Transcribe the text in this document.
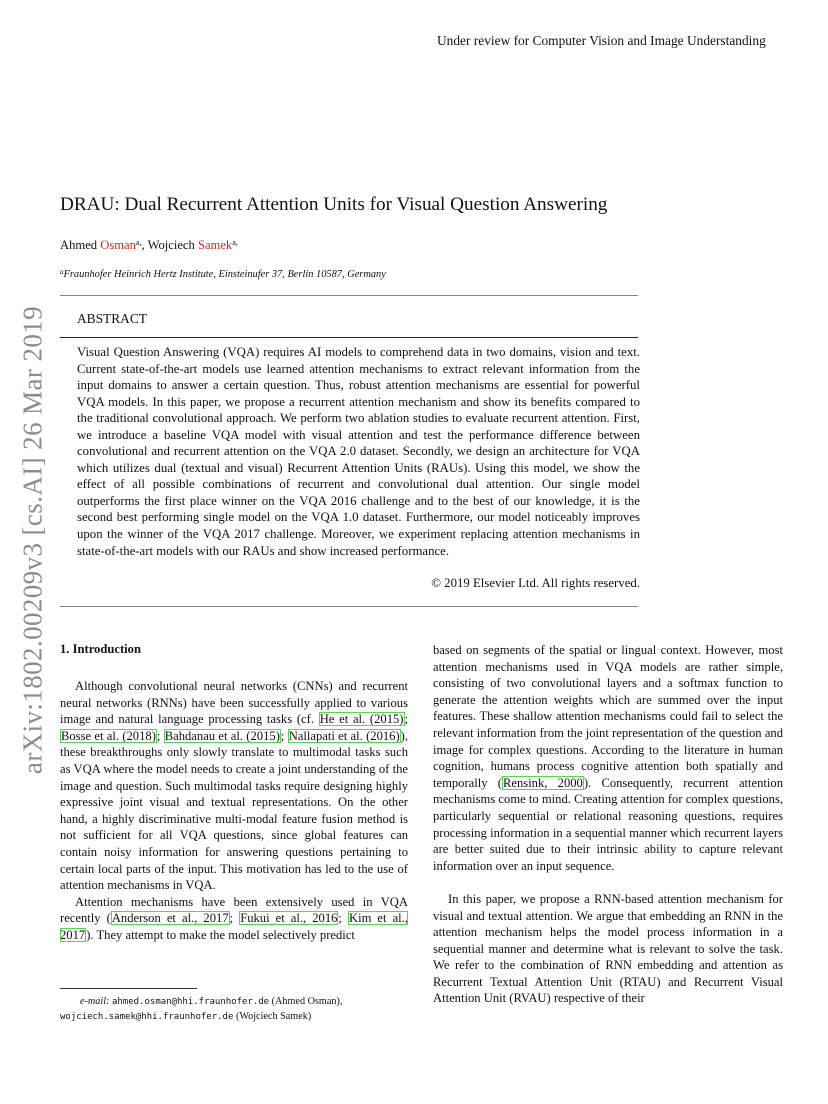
Under review for Computer Vision and Image Understanding
arXiv:1802.00209v3 [cs.AI] 26 Mar 2019
DRAU: Dual Recurrent Attention Units for Visual Question Answering
Ahmed Osman$^{a,}$, Wojciech Samek$^{a,}$
$^a$Fraunhofer Heinrich Hertz Institute, Einsteinufer 37, Berlin 10587, Germany
ABSTRACT
Visual Question Answering (VQA) requires AI models to comprehend data in two domains, vision and text. Current state-of-the-art models use learned attention mechanisms to extract relevant information from the input domains to answer a certain question. Thus, robust attention mechanisms are essential for powerful VQA models. In this paper, we propose a recurrent attention mechanism and show its benefits compared to the traditional convolutional approach. We perform two ablation studies to evaluate recurrent attention. First, we introduce a baseline VQA model with visual attention and test the performance difference between convolutional and recurrent attention on the VQA 2.0 dataset. Secondly, we design an architecture for VQA which utilizes dual (textual and visual) Recurrent Attention Units (RAUs). Using this model, we show the effect of all possible combinations of recurrent and convolutional dual attention. Our single model outperforms the first place winner on the VQA 2016 challenge and to the best of our knowledge, it is the second best performing single model on the VQA 1.0 dataset. Furthermore, our model noticeably improves upon the winner of the VQA 2017 challenge. Moreover, we experiment replacing attention mechanisms in state-of-the-art models with our RAUs and show increased performance.
© 2019 Elsevier Ltd. All rights reserved.
1. Introduction

Although convolutional neural networks (CNNs) and recurrent neural networks (RNNs) have been successfully applied to various image and natural language processing tasks (cf. He et al. (2015); Bosse et al. (2018); Bahdanau et al. (2015); Nallapati et al. (2016)), these breakthroughs only slowly translate to multimodal tasks such as VQA where the model needs to create a joint understanding of the image and question. Such multimodal tasks require designing highly expressive joint visual and textual representations. On the other hand, a highly discriminative multi-modal feature fusion method is not sufficient for all VQA questions, since global features can contain noisy information for answering questions pertaining to certain local parts of the input. This motivation has led to the use of attention mechanisms in VQA.

Attention mechanisms have been extensively used in VQA recently (Anderson et al., 2017; Fukui et al., 2016; Kim et al., 2017). They attempt to make the model selectively predict

based on segments of the spatial or lingual context. However, most attention mechanisms used in VQA models are rather simple, consisting of two convolutional layers and a softmax function to generate the attention weights which are summed over the input features. These shallow attention mechanisms could fail to select the relevant information from the joint representation of the question and image for complex questions. According to the literature in human cognition, humans process cognitive attention both spatially and temporally (Rensink, 2000). Consequently, recurrent attention mechanisms come to mind. Creating attention for complex questions, particularly sequential or relational reasoning questions, requires processing information in a sequential manner which recurrent layers are better suited due to their intrinsic ability to capture relevant information over an input sequence.

In this paper, we propose a RNN-based attention mechanism for visual and textual attention. We argue that embedding an RNN in the attention mechanism helps the model process information in a sequential manner and determine what is relevant to solve the task. We refer to the combination of RNN embedding and attention as Recurrent Textual Attention Unit (RTAU) and Recurrent Visual Attention Unit (RVAU) respective of their

e-mail: ahmed.osman@hhi.fraunhofer.de (Ahmed Osman),
wojciech.samek@hhi.fraunhofer.de (Wojciech Samek)
